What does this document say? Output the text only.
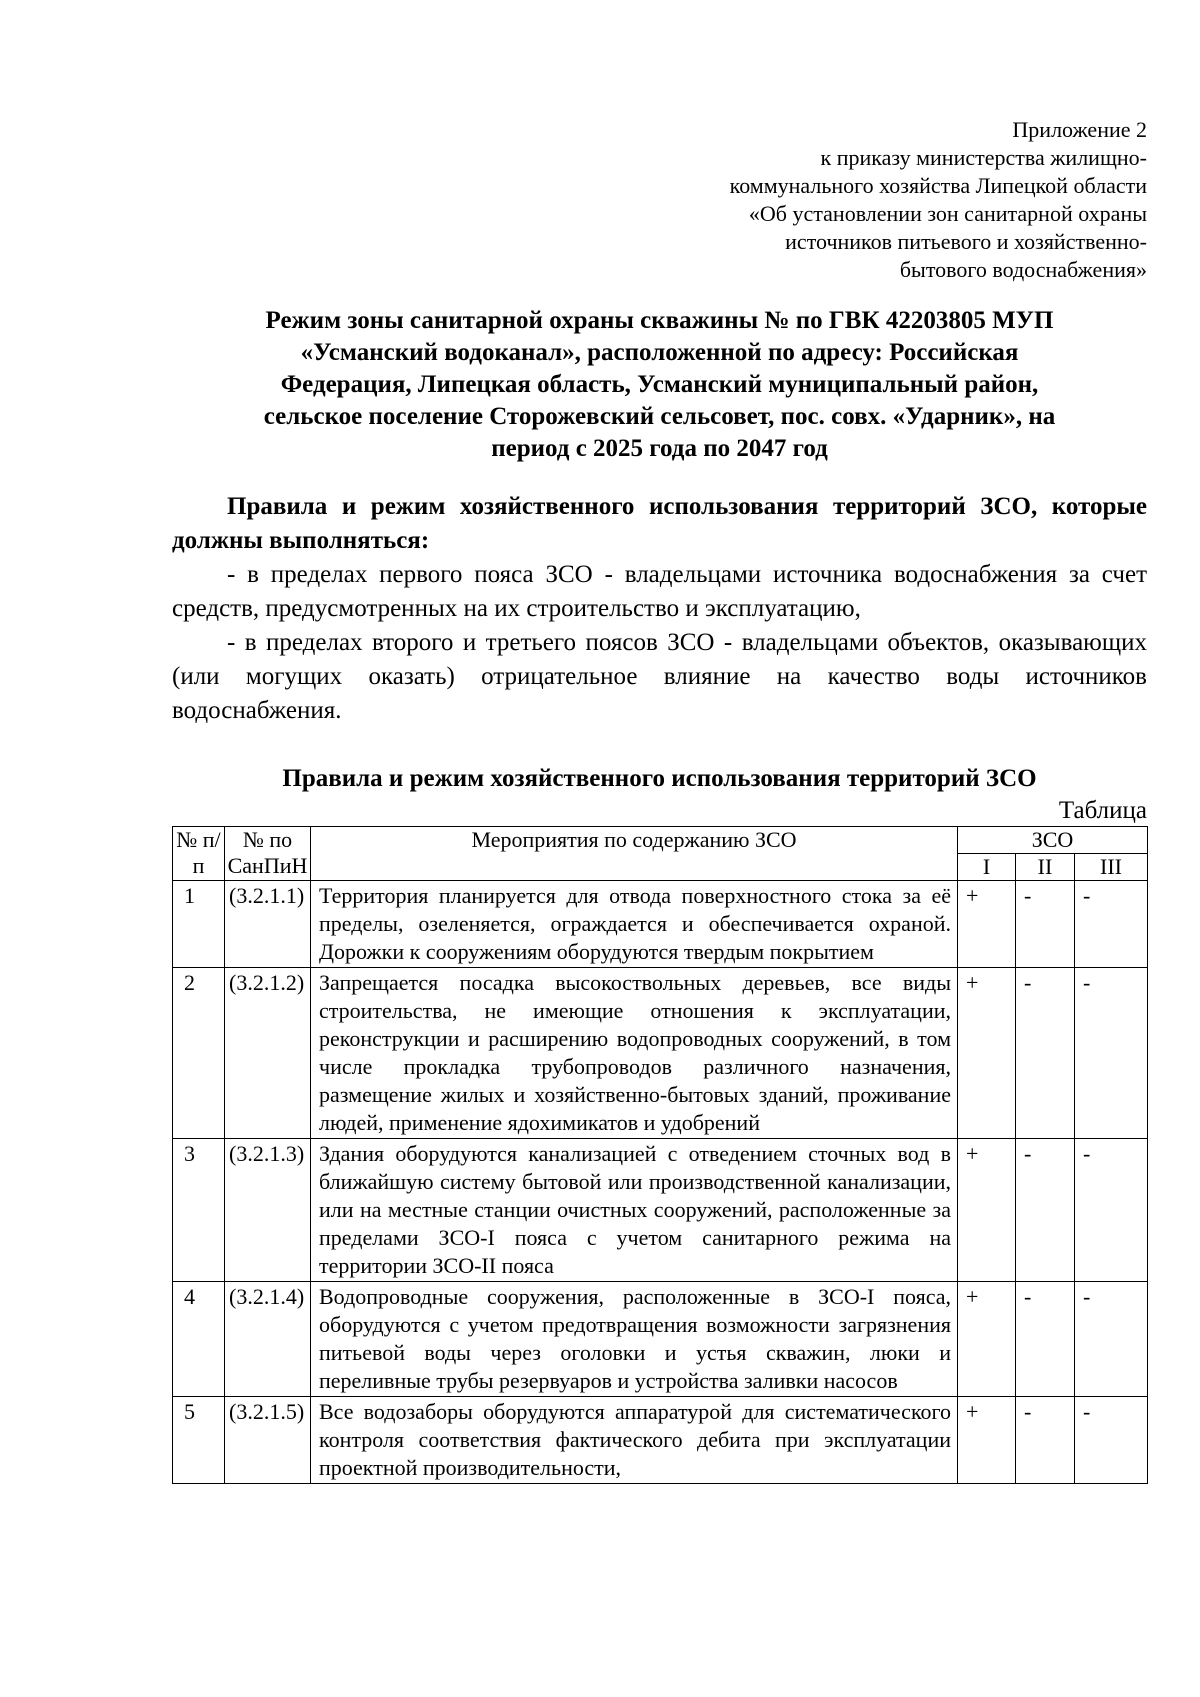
Приложение 2
к приказу министерства жилищно-
коммунального хозяйства Липецкой области
«Об установлении зон санитарной охраны
источников питьевого и хозяйственно-
бытового водоснабжения»
Режим зоны санитарной охраны скважины № по ГВК 42203805 МУП
«Усманский водоканал», расположенной по адресу: Российская
Федерация, Липецкая область, Усманский муниципальный район,
сельское поселение Сторожевский сельсовет, пос. совх. «Ударник», на
период с 2025 года по 2047 год

Правила и режим хозяйственного использования территорий ЗСО, которые должны выполняться:

- в пределах первого пояса ЗСО - владельцами источника водоснабжения за счет средств, предусмотренных на их строительство и эксплуатацию,

- в пределах второго и третьего поясов ЗСО - владельцами объектов, оказывающих (или могущих оказать) отрицательное влияние на качество воды источников водоснабжения.

Правила и режим хозяйственного использования территорий ЗСО
Таблица
№ п/п	№ по СанПиН	Мероприятия по содержанию ЗСО	ЗСО		
			I	II	III
1	(3.2.1.1)	Территория планируется для отвода поверхностного стока за её пределы, озеленяется, ограждается и обеспечивается охраной. Дорожки к сооружениям оборудуются твердым покрытием	+	-	-
2	(3.2.1.2)	Запрещается посадка высокоствольных деревьев, все виды строительства, не имеющие отношения к эксплуатации, реконструкции и расширению водопроводных сооружений, в том числе прокладка трубопроводов различного назначения, размещение жилых и хозяйственно-бытовых зданий, проживание людей, применение ядохимикатов и удобрений	+	-	-
3	(3.2.1.3)	Здания оборудуются канализацией с отведением сточных вод в ближайшую систему бытовой или производственной канализации, или на местные станции очистных сооружений, расположенные за пределами ЗСО-I пояса с учетом санитарного режима на территории ЗСО-II пояса	+	-	-
4	(3.2.1.4)	Водопроводные сооружения, расположенные в ЗСО-I пояса, оборудуются с учетом предотвращения возможности загрязнения питьевой воды через оголовки и устья скважин, люки и переливные трубы резервуаров и устройства заливки насосов	+	-	-
5	(3.2.1.5)	Все водозаборы оборудуются аппаратурой для систематического контроля соответствия фактического дебита при эксплуатации проектной производительности,	+	-	-
